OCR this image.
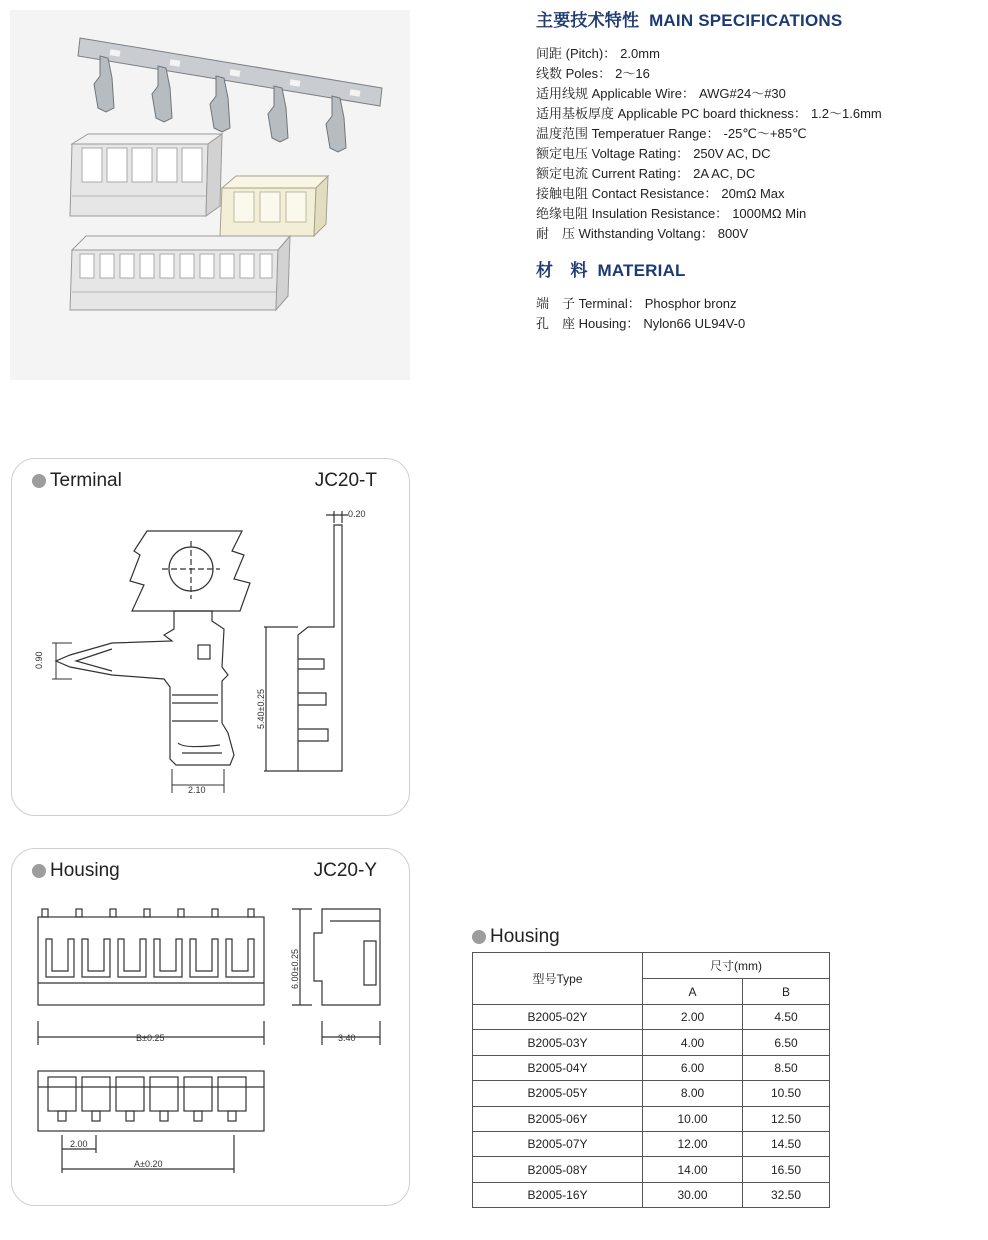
主要技术特性 MAIN SPECIFICATIONS
间距 (Pitch)： 2.0mm
线数 Poles： 2～16
适用线规 Applicable Wire： AWG#24～#30
适用基板厚度 Applicable PC board thickness： 1.2～1.6mm
温度范围 Temperatuer Range： -25℃～+85℃
额定电压 Voltage Rating： 250V AC, DC
额定电流 Current Rating： 2A AC, DC
接触电阻 Contact Resistance： 20mΩ Max
绝缘电阻 Insulation Resistance： 1000MΩ Min
耐　压 Withstanding Voltang： 800V
材　料 MATERIAL
端　子 Terminal： Phosphor bronz
孔　座 Housing： Nylon66 UL94V-0
Terminal	JC20-T
0.90
2.10
0.20
5.40±0.25
Housing	JC20-Y
B±0.25
6.00±0.25
3.40
2.00
A±0.20
Housing
型号Type	尺寸(mm)	
	A	B
B2005-02Y	2.00	4.50
B2005-03Y	4.00	6.50
B2005-04Y	6.00	8.50
B2005-05Y	8.00	10.50
B2005-06Y	10.00	12.50
B2005-07Y	12.00	14.50
B2005-08Y	14.00	16.50
B2005-16Y	30.00	32.50
